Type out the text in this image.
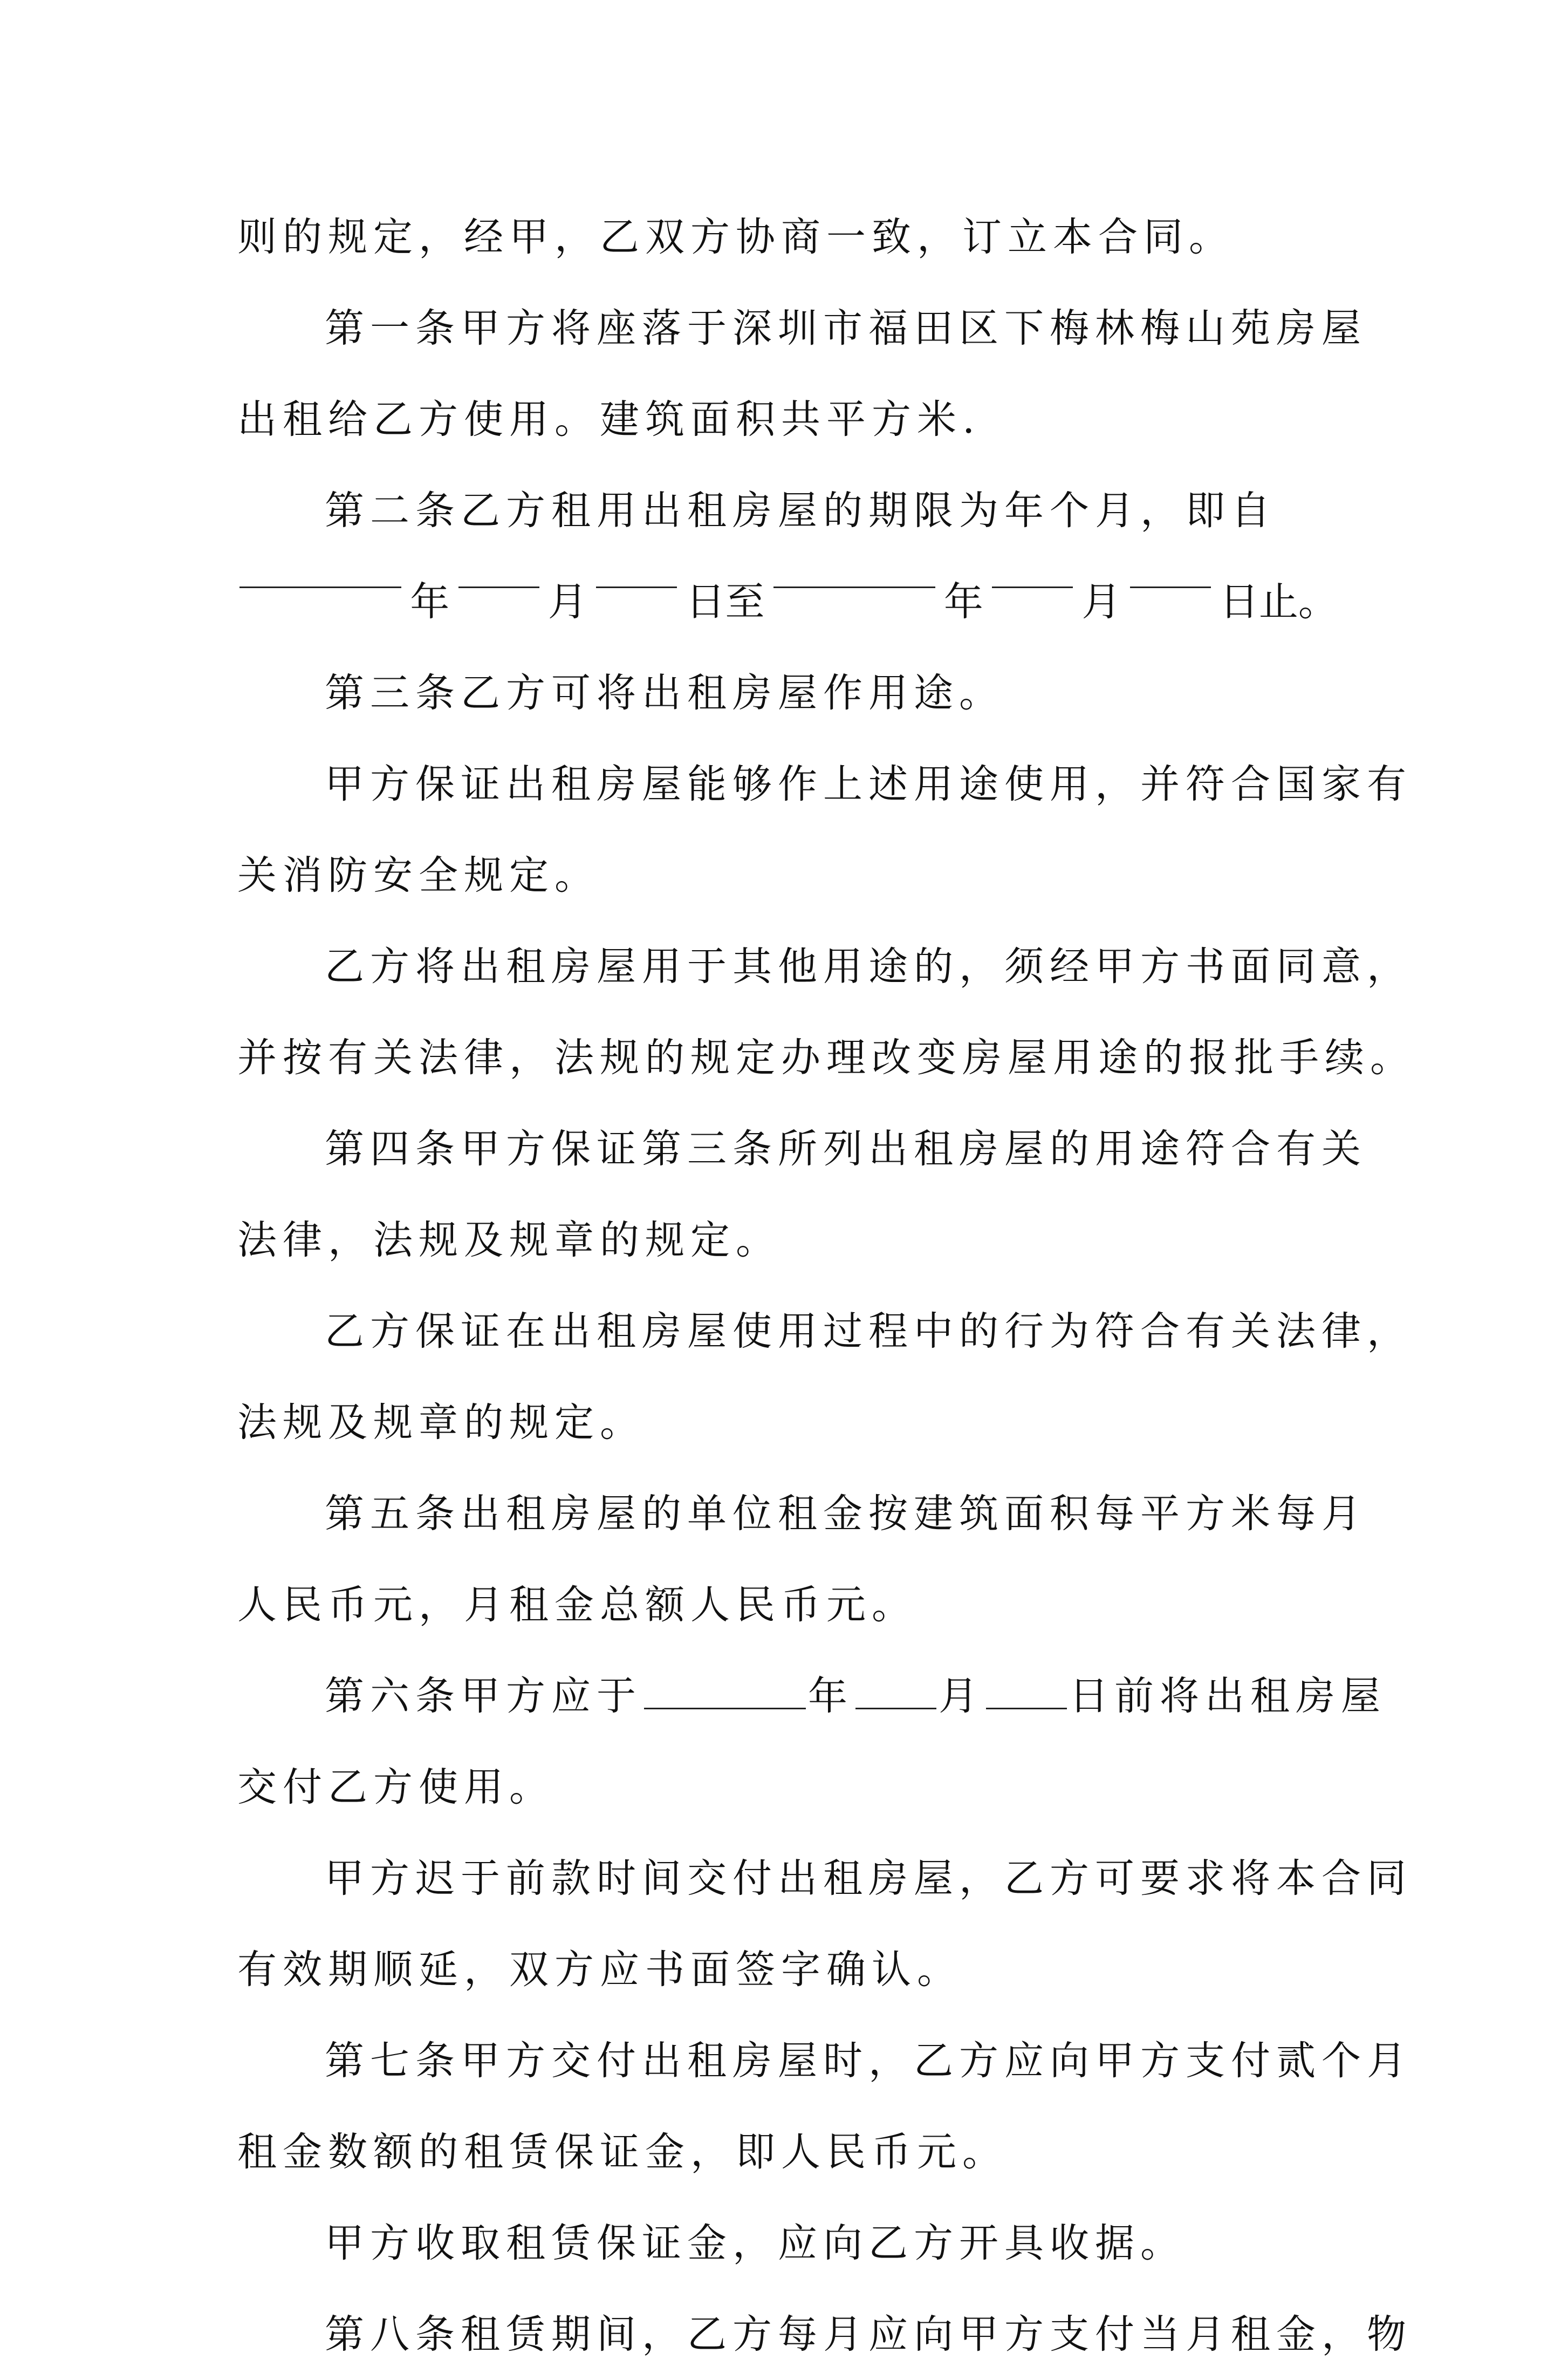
则的规定，经甲，乙双方协商一致，订立本合同。
第一条甲方将座落于深圳市福田区下梅林梅山苑房屋
出租给乙方使用。建筑面积共平方米.
第二条乙方租用出租房屋的期限为年个月，即自
年	月	日至	年	月	日止。
第三条乙方可将出租房屋作用途。
甲方保证出租房屋能够作上述用途使用，并符合国家有
关消防安全规定。
乙方将出租房屋用于其他用途的，须经甲方书面同意，
并按有关法律，法规的规定办理改变房屋用途的报批手续。
第四条甲方保证第三条所列出租房屋的用途符合有关
法律，法规及规章的规定。
乙方保证在出租房屋使用过程中的行为符合有关法律，
法规及规章的规定。
第五条出租房屋的单位租金按建筑面积每平方米每月
人民币元，月租金总额人民币元。
第六条甲方应于	年 月 日前将出租房屋
交付乙方使用。
甲方迟于前款时间交付出租房屋，乙方可要求将本合同
有效期顺延，双方应书面签字确认。
第七条甲方交付出租房屋时，乙方应向甲方支付贰个月
租金数额的租赁保证金，即人民币元。
甲方收取租赁保证金，应向乙方开具收据。
第八条租赁期间，乙方每月应向甲方支付当月租金，物
